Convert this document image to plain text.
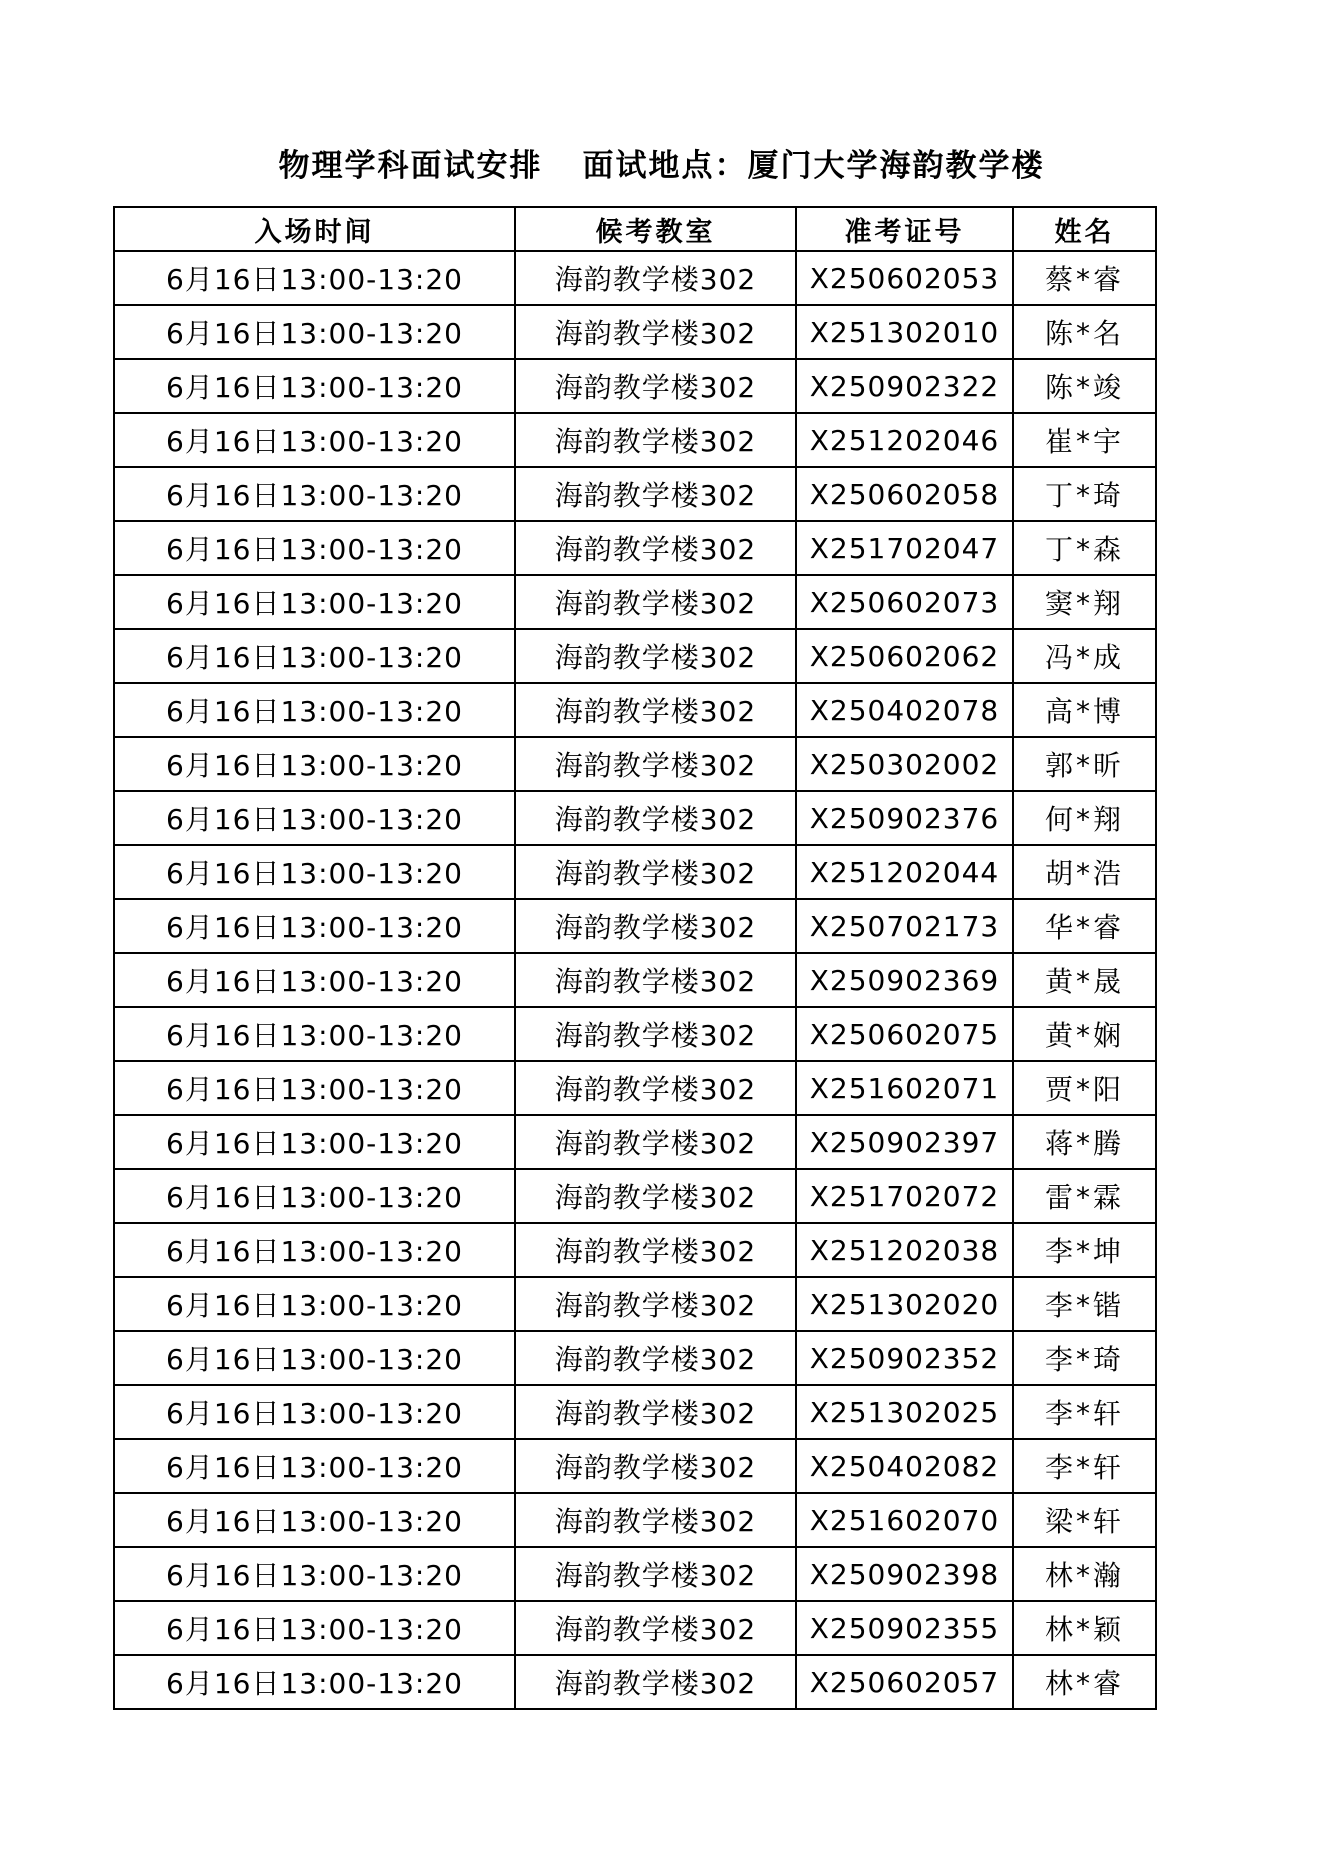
物理学科面试安排 面试地点：厦门大学海韵教学楼
入场时间	候考教室	准考证号	姓名
6月16日13:00-13:20	海韵教学楼302	X250602053	蔡*睿
6月16日13:00-13:20	海韵教学楼302	X251302010	陈*名
6月16日13:00-13:20	海韵教学楼302	X250902322	陈*竣
6月16日13:00-13:20	海韵教学楼302	X251202046	崔*宇
6月16日13:00-13:20	海韵教学楼302	X250602058	丁*琦
6月16日13:00-13:20	海韵教学楼302	X251702047	丁*森
6月16日13:00-13:20	海韵教学楼302	X250602073	窦*翔
6月16日13:00-13:20	海韵教学楼302	X250602062	冯*成
6月16日13:00-13:20	海韵教学楼302	X250402078	高*博
6月16日13:00-13:20	海韵教学楼302	X250302002	郭*昕
6月16日13:00-13:20	海韵教学楼302	X250902376	何*翔
6月16日13:00-13:20	海韵教学楼302	X251202044	胡*浩
6月16日13:00-13:20	海韵教学楼302	X250702173	华*睿
6月16日13:00-13:20	海韵教学楼302	X250902369	黄*晟
6月16日13:00-13:20	海韵教学楼302	X250602075	黄*娴
6月16日13:00-13:20	海韵教学楼302	X251602071	贾*阳
6月16日13:00-13:20	海韵教学楼302	X250902397	蒋*腾
6月16日13:00-13:20	海韵教学楼302	X251702072	雷*霖
6月16日13:00-13:20	海韵教学楼302	X251202038	李*坤
6月16日13:00-13:20	海韵教学楼302	X251302020	李*锴
6月16日13:00-13:20	海韵教学楼302	X250902352	李*琦
6月16日13:00-13:20	海韵教学楼302	X251302025	李*轩
6月16日13:00-13:20	海韵教学楼302	X250402082	李*轩
6月16日13:00-13:20	海韵教学楼302	X251602070	梁*轩
6月16日13:00-13:20	海韵教学楼302	X250902398	林*瀚
6月16日13:00-13:20	海韵教学楼302	X250902355	林*颖
6月16日13:00-13:20	海韵教学楼302	X250602057	林*睿
